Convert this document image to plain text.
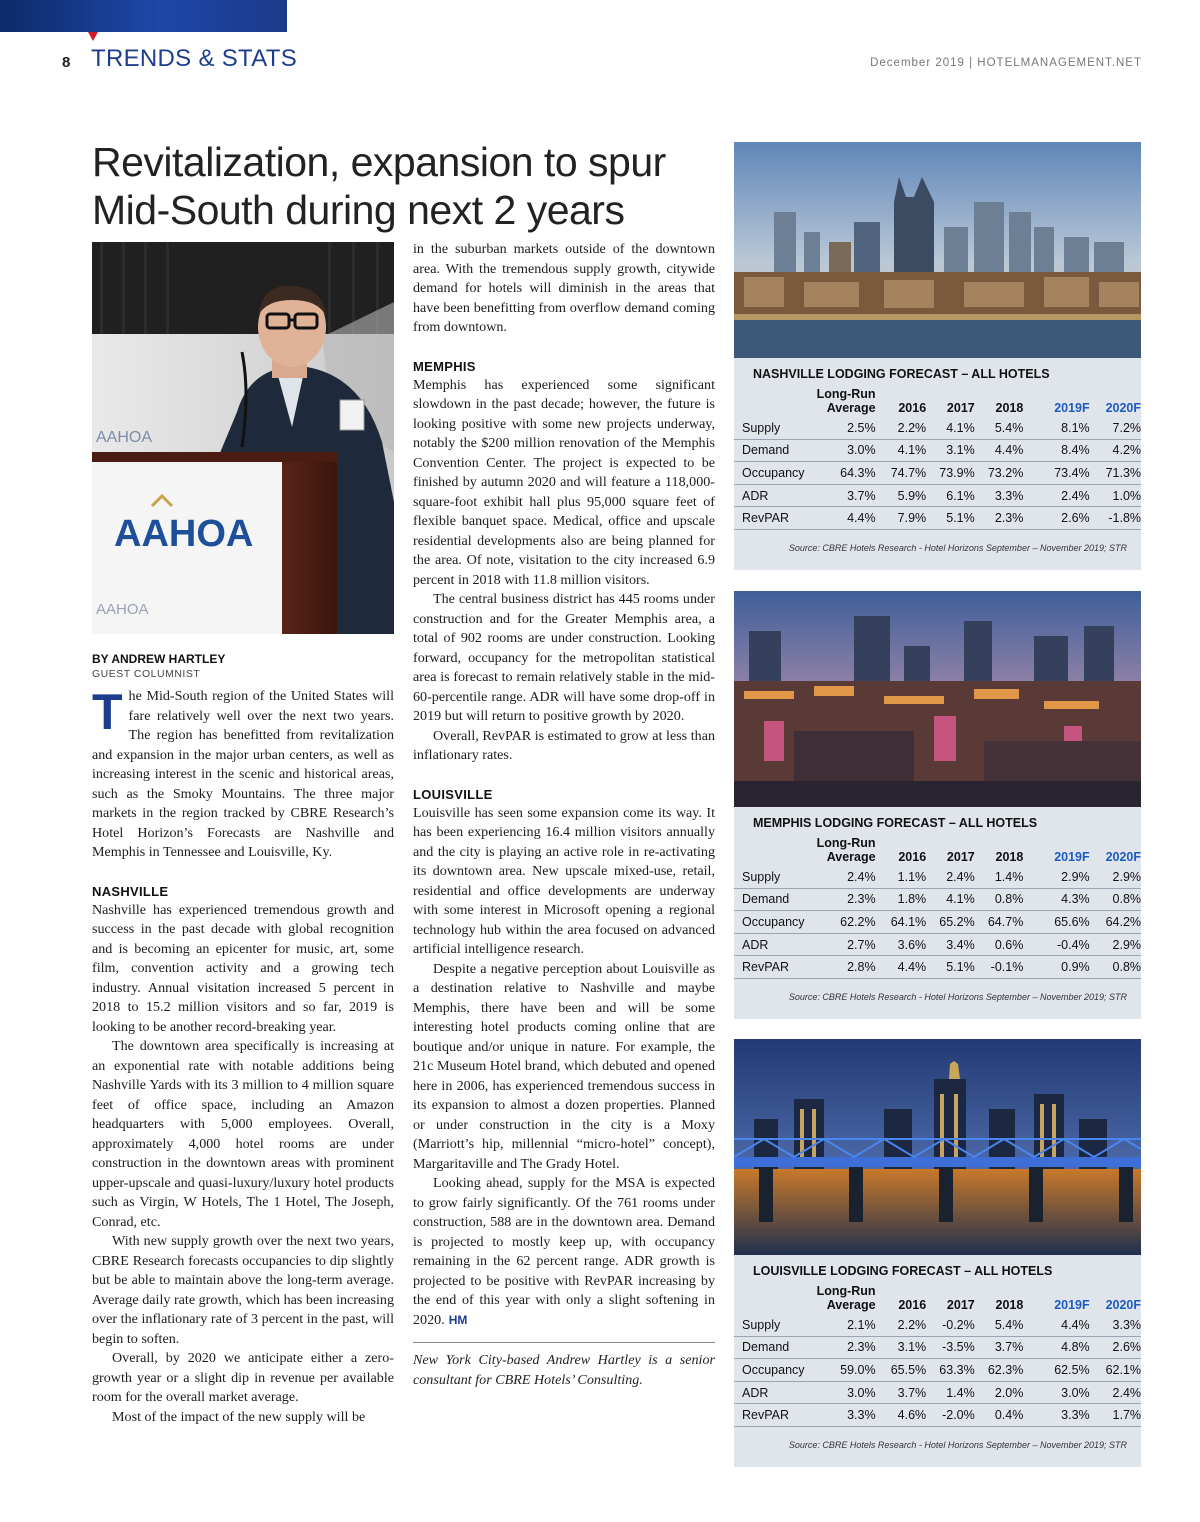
8 TRENDS & STATS	December 2019 | HOTELMANAGEMENT.NET
Revitalization, expansion to spur
Mid-South during next 2 years
AAHOA
AAHOA
AAHOA
BY ANDREW HARTLEY
GUEST COLUMNIST

The Mid-South region of the United States will fare relatively well over the next two years. The region has benefitted from revitalization and expansion in the major urban centers, as well as increasing interest in the scenic and historical areas, such as the Smoky Mountains. The three major markets in the region tracked by CBRE Research’s Hotel Horizon’s Forecasts are Nashville and Memphis in Tennessee and Louisville, Ky.

NASHVILLE

Nashville has experienced tremendous growth and success in the past decade with global recognition and is becoming an epicenter for music, art, some film, convention activity and a growing tech industry. Annual visitation increased 5 percent in 2018 to 15.2 million visitors and so far, 2019 is looking to be another record-breaking year.

The downtown area specifically is increasing at an exponential rate with notable additions being Nashville Yards with its 3 million to 4 million square feet of office space, including an Amazon headquarters with 5,000 employees. Overall, approximately 4,000 hotel rooms are under construction in the downtown areas with prominent upper-upscale and quasi-luxury/luxury hotel products such as Virgin, W Hotels, The 1 Hotel, The Joseph, Conrad, etc.

With new supply growth over the next two years, CBRE Research forecasts occupancies to dip slightly but be able to maintain above the long-term average. Average daily rate growth, which has been increasing over the inflationary rate of 3 percent in the past, will begin to soften.

Overall, by 2020 we anticipate either a zero-growth year or a slight dip in revenue per available room for the overall market average.

Most of the impact of the new supply will be

in the suburban markets outside of the downtown area. With the tremendous supply growth, citywide demand for hotels will diminish in the areas that have been benefitting from overflow demand coming from downtown.

MEMPHIS

Memphis has experienced some significant slowdown in the past decade; however, the future is looking positive with some new projects underway, notably the $200 million renovation of the Memphis Convention Center. The project is expected to be finished by autumn 2020 and will feature a 118,000-square-foot exhibit hall plus 95,000 square feet of flexible banquet space. Medical, office and upscale residential developments also are being planned for the area. Of note, visitation to the city increased 6.9 percent in 2018 with 11.8 million visitors.

The central business district has 445 rooms under construction and for the Greater Memphis area, a total of 902 rooms are under construction. Looking forward, occupancy for the metropolitan statistical area is forecast to remain relatively stable in the mid-60-percentile range. ADR will have some drop-off in 2019 but will return to positive growth by 2020.

Overall, RevPAR is estimated to grow at less than inflationary rates.

LOUISVILLE

Louisville has seen some expansion come its way. It has been experiencing 16.4 million visitors annually and the city is playing an active role in re-activating its downtown area. New upscale mixed-use, retail, residential and office developments are underway with some interest in Microsoft opening a regional technology hub within the area focused on advanced artificial intelligence research.

Despite a negative perception about Louisville as a destination relative to Nashville and maybe Memphis, there have been and will be some interesting hotel products coming online that are boutique and/or unique in nature. For example, the 21c Museum Hotel brand, which debuted and opened here in 2006, has experienced tremendous success in its expansion to almost a dozen properties. Planned or under construction in the city is a Moxy (Marriott’s hip, millennial “micro-hotel” concept), Margaritaville and The Grady Hotel.

Looking ahead, supply for the MSA is expected to grow fairly significantly. Of the 761 rooms under construction, 588 are in the downtown area. Demand is projected to mostly keep up, with occupancy remaining in the 62 percent range. ADR growth is projected to be positive with RevPAR increasing by the end of this year with only a slight softening in 2020. HM

New York City-based Andrew Hartley is a senior consultant for CBRE Hotels’ Consulting.

NASHVILLE LODGING FORECAST – ALL HOTELS
Long-Run
Average	2016	2017	2018	2019F	2020F
Supply	2.5%	2.2%	4.1%	5.4%	8.1%	7.2%
Demand	3.0%	4.1%	3.1%	4.4%	8.4%	4.2%
Occupancy	64.3%	74.7%	73.9%	73.2%	73.4%	71.3%
ADR	3.7%	5.9%	6.1%	3.3%	2.4%	1.0%
RevPAR	4.4%	7.9%	5.1%	2.3%	2.6%	-1.8%
Source: CBRE Hotels Research - Hotel Horizons September – November 2019; STR
MEMPHIS LODGING FORECAST – ALL HOTELS
Long-Run
Average	2016	2017	2018	2019F	2020F
Supply	2.4%	1.1%	2.4%	1.4%	2.9%	2.9%
Demand	2.3%	1.8%	4.1%	0.8%	4.3%	0.8%
Occupancy	62.2%	64.1%	65.2%	64.7%	65.6%	64.2%
ADR	2.7%	3.6%	3.4%	0.6%	-0.4%	2.9%
RevPAR	2.8%	4.4%	5.1%	-0.1%	0.9%	0.8%
Source: CBRE Hotels Research - Hotel Horizons September – November 2019; STR
LOUISVILLE LODGING FORECAST – ALL HOTELS
Long-Run
Average	2016	2017	2018	2019F	2020F
Supply	2.1%	2.2%	-0.2%	5.4%	4.4%	3.3%
Demand	2.3%	3.1%	-3.5%	3.7%	4.8%	2.6%
Occupancy	59.0%	65.5%	63.3%	62.3%	62.5%	62.1%
ADR	3.0%	3.7%	1.4%	2.0%	3.0%	2.4%
RevPAR	3.3%	4.6%	-2.0%	0.4%	3.3%	1.7%
Source: CBRE Hotels Research - Hotel Horizons September – November 2019; STR
